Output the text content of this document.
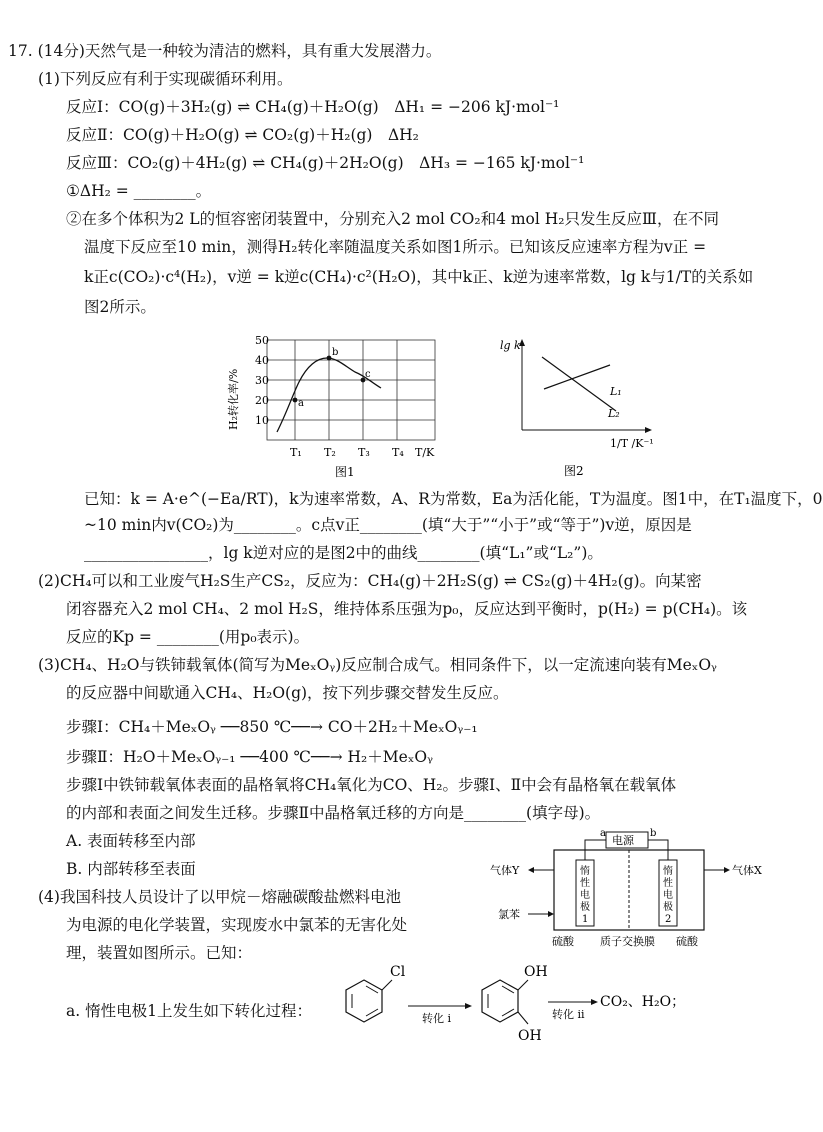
17. (14分)天然气是一种较为清洁的燃料，具有重大发展潜力。
(1)下列反应有利于实现碳循环利用。
反应Ⅰ：CO(g)＋3H₂(g) ⇌ CH₄(g)＋H₂O(g)　ΔH₁ = −206 kJ·mol⁻¹
反应Ⅱ：CO(g)＋H₂O(g) ⇌ CO₂(g)＋H₂(g)　ΔH₂
反应Ⅲ：CO₂(g)＋4H₂(g) ⇌ CH₄(g)＋2H₂O(g)　ΔH₃ = −165 kJ·mol⁻¹
①ΔH₂ = ________。
②在多个体积为2 L的恒容密闭装置中，分别充入2 mol CO₂和4 mol H₂只发生反应Ⅲ，在不同
温度下反应至10 min，测得H₂转化率随温度关系如图1所示。已知该反应速率方程为v正 =
k正c(CO₂)·c⁴(H₂)，v逆 = k逆c(CH₄)·c²(H₂O)，其中k正、k逆为速率常数，lg k与1/T的关系如
图2所示。
50
40
30
20
10
H₂转化率/%
T₁ T₂ T₃ T₄ T/K
a
b
c
图1
lg k
L₁
L₂
1/T /K⁻¹
图2
已知：k = A·e^(−Ea/RT)，k为速率常数，A、R为常数，Ea为活化能，T为温度。图1中，在T₁温度下，0
~10 min内v(CO₂)为________。c点v正________(填“大于”“小于”或“等于”)v逆，原因是
________________，lg k逆对应的是图2中的曲线________(填“L₁”或“L₂”)。
(2)CH₄可以和工业废气H₂S生产CS₂，反应为：CH₄(g)＋2H₂S(g) ⇌ CS₂(g)＋4H₂(g)。向某密
闭容器充入2 mol CH₄、2 mol H₂S，维持体系压强为p₀，反应达到平衡时，p(H₂) = p(CH₄)。该
反应的Kp = ________(用p₀表示)。
(3)CH₄、H₂O与铁铈载氧体(简写为MeₓOᵧ)反应制合成气。相同条件下，以一定流速向装有MeₓOᵧ
的反应器中间歇通入CH₄、H₂O(g)，按下列步骤交替发生反应。
步骤Ⅰ：CH₄＋MeₓOᵧ ──850 ℃──→ CO＋2H₂＋MeₓOᵧ₋₁
步骤Ⅱ：H₂O＋MeₓOᵧ₋₁ ──400 ℃──→ H₂＋MeₓOᵧ
步骤Ⅰ中铁铈载氧体表面的晶格氧将CH₄氧化为CO、H₂。步骤Ⅰ、Ⅱ中会有晶格氧在载氧体
的内部和表面之间发生迁移。步骤Ⅱ中晶格氧迁移的方向是________(填字母)。
A. 表面转移至内部
B. 内部转移至表面
(4)我国科技人员设计了以甲烷－熔融碳酸盐燃料电池
为电源的电化学装置，实现废水中氯苯的无害化处
理，装置如图所示。已知：
电源
a	b
惰 性 电 极 1
惰 性 电 极 2
气体Y	气体X
氯苯
硫酸 质子交换膜 硫酸
a. 惰性电极1上发生如下转化过程：
Cl
转化 i
OH
OH
转化 ii
CO₂、H₂O；
